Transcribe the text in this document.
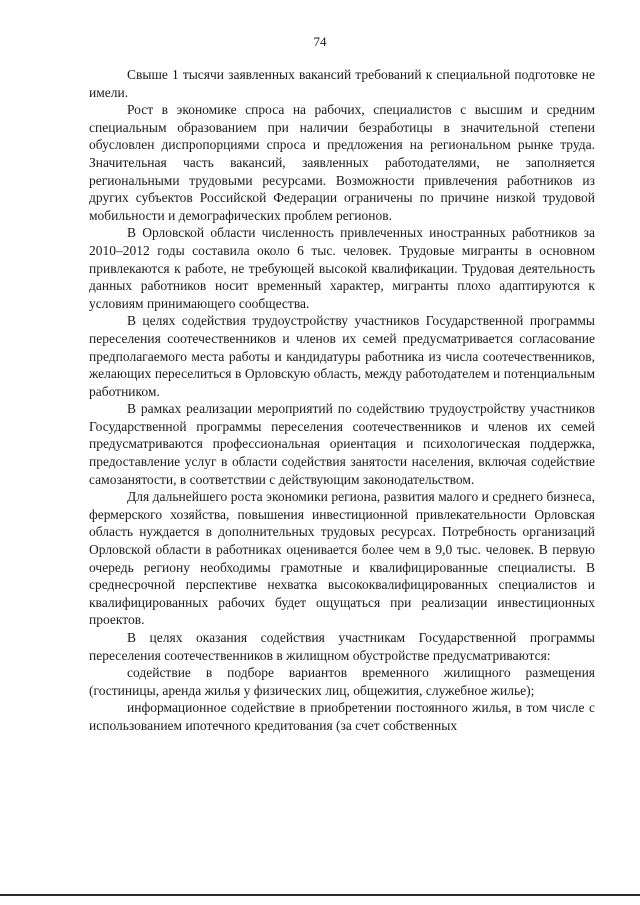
74

Свыше 1 тысячи заявленных вакансий требований к специальной подготовке не имели.

Рост в экономике спроса на рабочих, специалистов с высшим и средним специальным образованием при наличии безработицы в значительной степени обусловлен диспропорциями спроса и предложения на региональном рынке труда. Значительная часть вакансий, заявленных работодателями, не заполняется региональными трудовыми ресурсами. Возможности привлечения работников из других субъектов Российской Федерации ограничены по причине низкой трудовой мобильности и демографических проблем регионов.

В Орловской области численность привлеченных иностранных работников за 2010–2012 годы составила около 6 тыс. человек. Трудовые мигранты в основном привлекаются к работе, не требующей высокой квалификации. Трудовая деятельность данных работников носит временный характер, мигранты плохо адаптируются к условиям принимающего сообщества.

В целях содействия трудоустройству участников Государственной программы переселения соотечественников и членов их семей предусматривается согласование предполагаемого места работы и кандидатуры работника из числа соотечественников, желающих переселиться в Орловскую область, между работодателем и потенциальным работником.

В рамках реализации мероприятий по содействию трудоустройству участников Государственной программы переселения соотечественников и членов их семей предусматриваются профессиональная ориентация и психологическая поддержка, предоставление услуг в области содействия занятости населения, включая содействие самозанятости, в соответствии с действующим законодательством.

Для дальнейшего роста экономики региона, развития малого и среднего бизнеса, фермерского хозяйства, повышения инвестиционной привлекательности Орловская область нуждается в дополнительных трудовых ресурсах. Потребность организаций Орловской области в работниках оценивается более чем в 9,0 тыс. человек. В первую очередь региону необходимы грамотные и квалифицированные специалисты. В среднесрочной перспективе нехватка высококвалифицированных специалистов и квалифицированных рабочих будет ощущаться при реализации инвестиционных проектов.

В целях оказания содействия участникам Государственной программы переселения соотечественников в жилищном обустройстве предусматриваются:

содействие в подборе вариантов временного жилищного размещения (гостиницы, аренда жилья у физических лиц, общежития, служебное жилье);

информационное содействие в приобретении постоянного жилья, в том числе с использованием ипотечного кредитования (за счет собственных
